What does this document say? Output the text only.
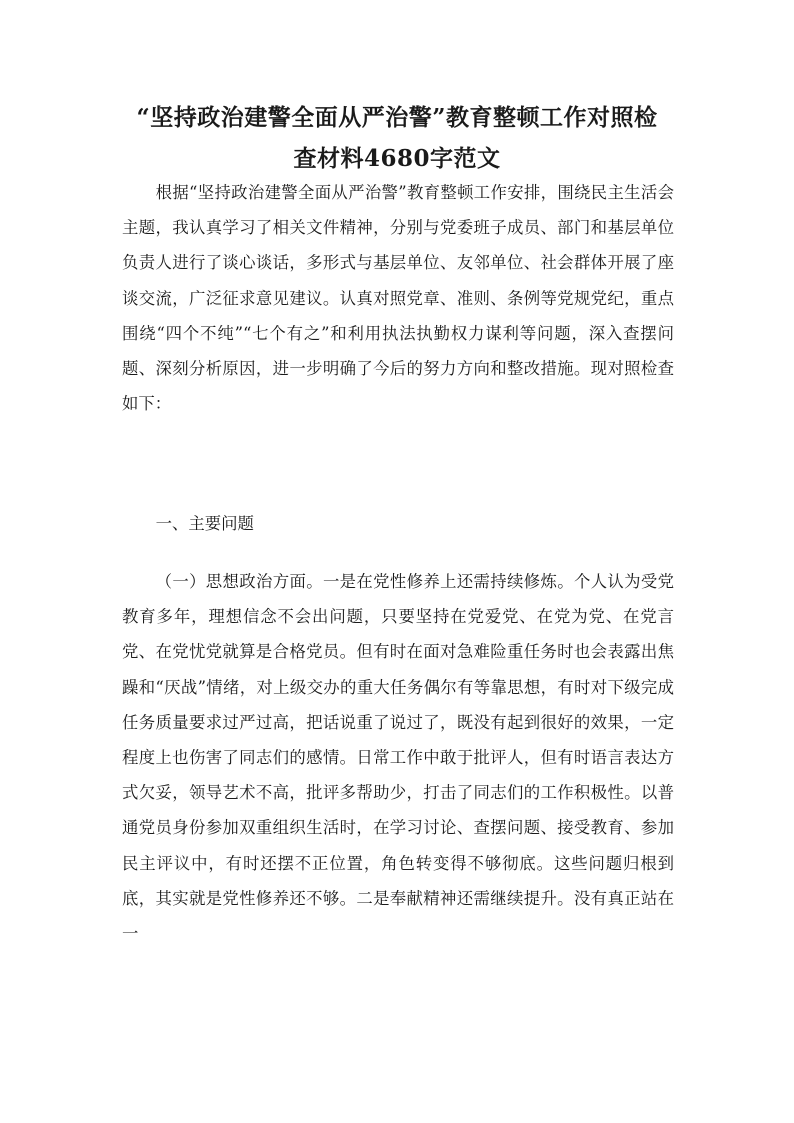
“坚持政治建警全面从严治警”教育整顿工作对照检
查材料4680字范文

根据“坚持政治建警全面从严治警”教育整顿工作安排，围绕民主生活会主题，我认真学习了相关文件精神，分别与党委班子成员、部门和基层单位负责人进行了谈心谈话，多形式与基层单位、友邻单位、社会群体开展了座谈交流，广泛征求意见建议。认真对照党章、准则、条例等党规党纪，重点围绕“四个不纯”“七个有之”和利用执法执勤权力谋利等问题，深入查摆问题、深刻分析原因，进一步明确了今后的努力方向和整改措施。现对照检查如下：

一、主要问题

（一）思想政治方面。一是在党性修养上还需持续修炼。个人认为受党教育多年，理想信念不会出问题，只要坚持在党爱党、在党为党、在党言党、在党忧党就算是合格党员。但有时在面对急难险重任务时也会表露出焦躁和“厌战”情绪，对上级交办的重大任务偶尔有等靠思想，有时对下级完成任务质量要求过严过高，把话说重了说过了，既没有起到很好的效果，一定程度上也伤害了同志们的感情。日常工作中敢于批评人，但有时语言表达方式欠妥，领导艺术不高，批评多帮助少，打击了同志们的工作积极性。以普通党员身份参加双重组织生活时，在学习讨论、查摆问题、接受教育、参加民主评议中，有时还摆不正位置，角色转变得不够彻底。这些问题归根到底，其实就是党性修养还不够。二是奉献精神还需继续提升。没有真正站在一
